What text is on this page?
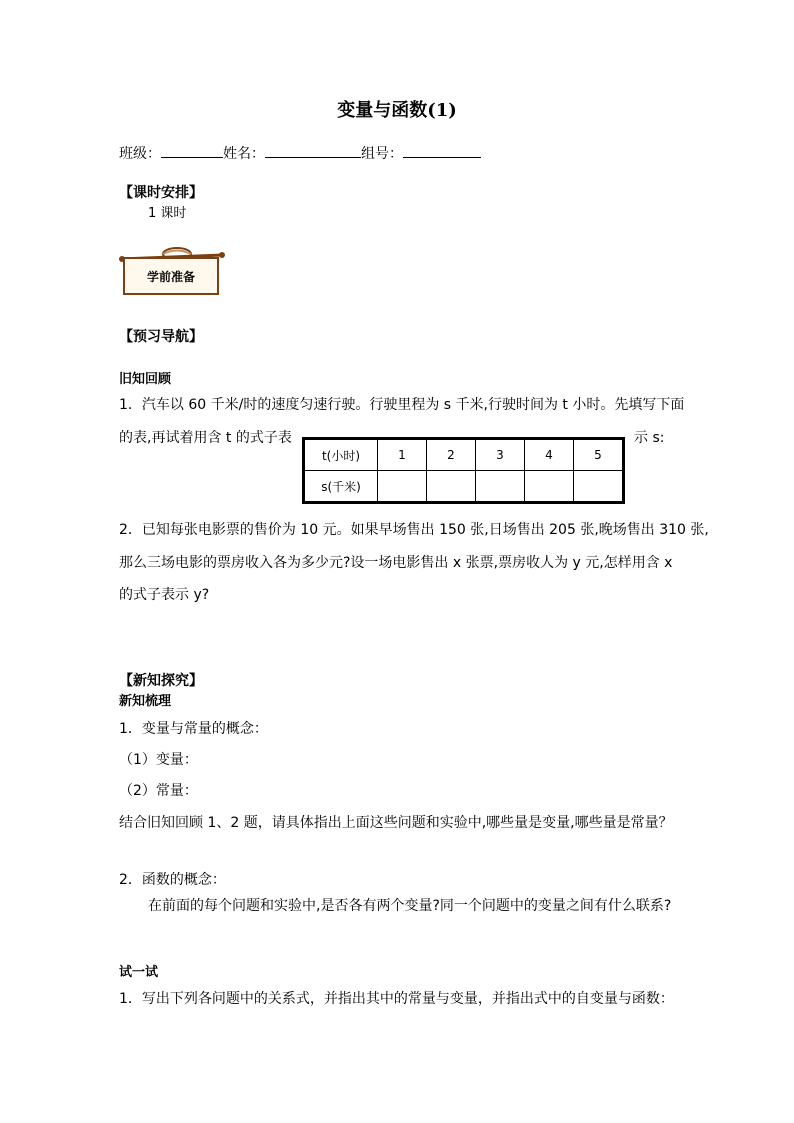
变量与函数(1)
班级：	姓名：	组号：
【课时安排】
1 课时
学前准备
【预习导航】
旧知回顾
1．汽车以 60 千米/时的速度匀速行驶。行驶里程为 s 千米,行驶时间为 t 小时。先填写下面
的表,再试着用含 t 的式子表	示 s:
t(小时)	1	2	3	4	5
s(千米)					
2．已知每张电影票的售价为 10 元。如果早场售出 150 张,日场售出 205 张,晚场售出 310 张,
那么三场电影的票房收入各为多少元?设一场电影售出 x 张票,票房收人为 y 元,怎样用含 x
的式子表示 y?
【新知探究】
新知梳理
1．变量与常量的概念：
（1）变量：
（2）常量：
结合旧知回顾 1、2 题，请具体指出上面这些问题和实验中,哪些量是变量,哪些量是常量？
2．函数的概念：
在前面的每个问题和实验中,是否各有两个变量?同一个问题中的变量之间有什么联系?
试一试
1．写出下列各问题中的关系式，并指出其中的常量与变量，并指出式中的自变量与函数：
